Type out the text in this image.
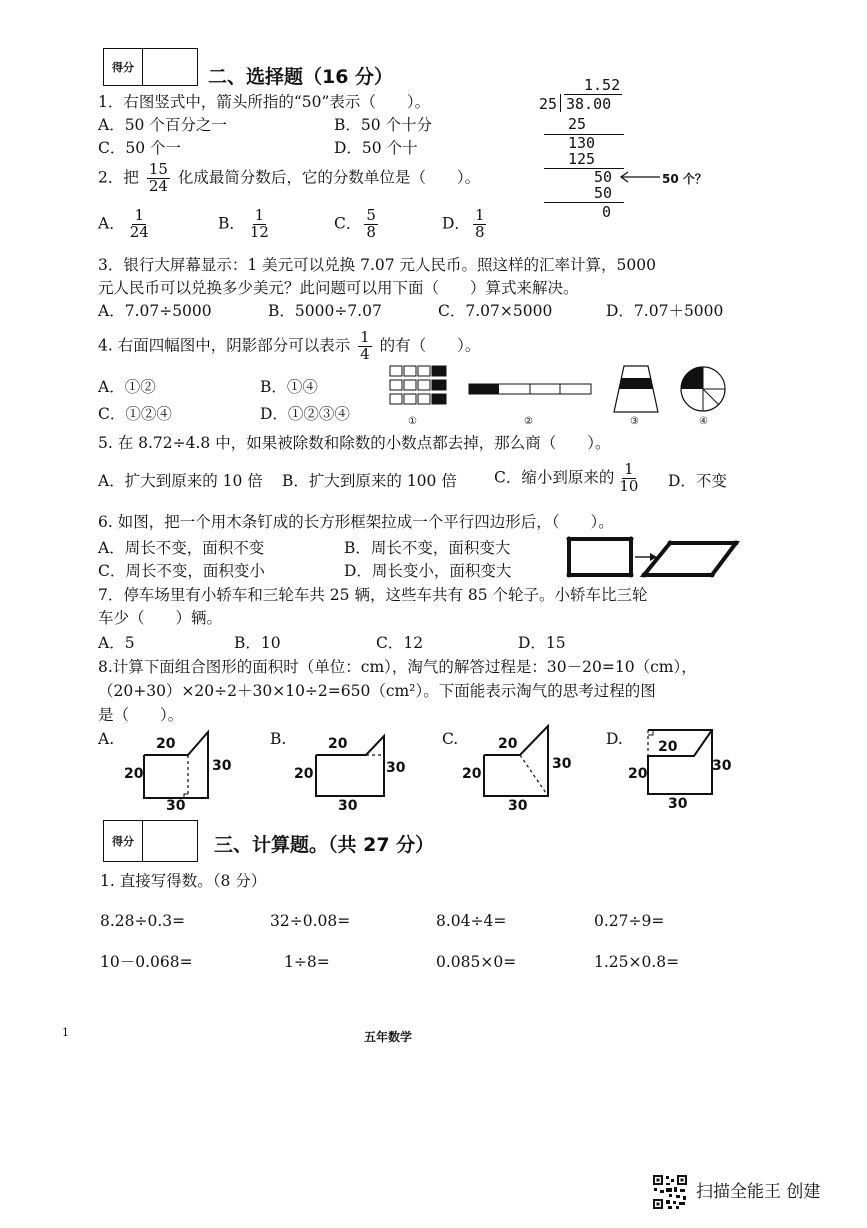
得分	二、选择题（16 分）
1．右图竖式中，箭头所指的“50”表示（　　）。
A．50 个百分之一	B．50 个十分
C．50 个一	D．50 个十
1.52
25 38.00
25
130
125
50
50
0
50 个？
2．把 $\frac{15}{24}$ 化成最简分数后，它的分数单位是（　　）。
A． $\frac{1}{24}$	B． $\frac{1}{12}$	C． $\frac{5}{8}$	D． $\frac{1}{8}$
3．银行大屏幕显示：1 美元可以兑换 7.07 元人民币。照这样的汇率计算，5000
元人民币可以兑换多少美元？此问题可以用下面（　　）算式来解决。
A．7.07÷5000	B．5000÷7.07	C．7.07×5000	D．7.07＋5000
4. 右面四幅图中，阴影部分可以表示 $\frac{1}{4}$ 的有（　　）。
A．①②	B．①④
C．①②④	D．①②③④	①	②	③	④
5. 在 8.72÷4.8 中，如果被除数和除数的小数点都去掉，那么商（　　）。
A．扩大到原来的 10 倍 B．扩大到原来的 100 倍 C．缩小到原来的 $\frac{1}{10}$ D．不变
6. 如图，把一个用木条钉成的长方形框架拉成一个平行四边形后，（　　）。
A．周长不变，面积不变	B．周长不变，面积变大
C．周长不变，面积变小	D．周长变小，面积变大
7．停车场里有小轿车和三轮车共 25 辆，这些车共有 85 个轮子。小轿车比三轮
车少（　　）辆。
A．5	B．10	C．12	D．15
8.计算下面组合图形的面积时（单位：cm），淘气的解答过程是：30－20=10（cm），
（20+30）×20÷2＋30×10÷2=650（cm²）。下面能表示淘气的思考过程的图
是（　　）。
A.	20
20	30
30
B.	20
20	30
30
C.	20
20
30
30
D.	20
20	30
30
得分	三、计算题。（共 27 分）
1. 直接写得数。（8 分）
8.28÷0.3=	32÷0.08=	8.04÷4=	0.27÷9=
10－0.068=	1÷8=	0.085×0=	1.25×0.8=
1	五年数学
扫描全能王 创建
